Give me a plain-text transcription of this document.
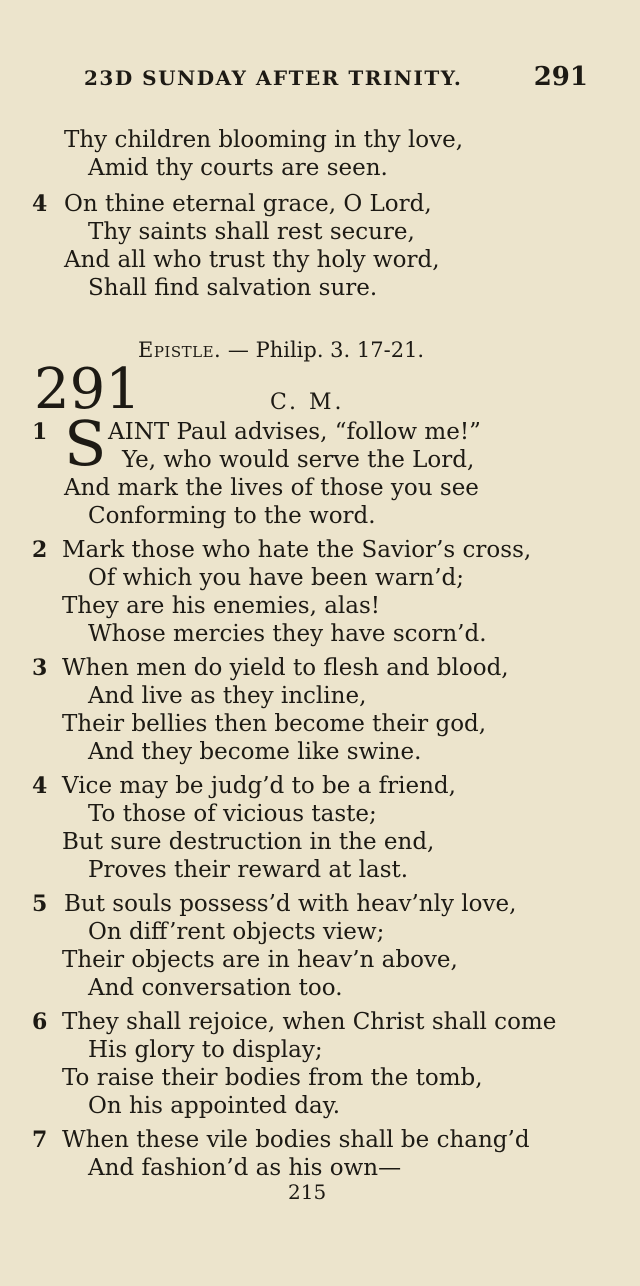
23D SUNDAY AFTER TRINITY.	291
Thy children blooming in thy love,
Amid thy courts are seen.
4 On thine eternal grace, O Lord,
Thy saints shall rest secure,
And all who trust thy holy word,
Shall find salvation sure.
Epistle. — Philip. 3. 17-21.
291	C. M.
1 S AINT Paul advises, “follow me!”
Ye, who would serve the Lord,
And mark the lives of those you see
Conforming to the word.
2 Mark those who hate the Savior’s cross,
Of which you have been warn’d;
They are his enemies, alas!
Whose mercies they have scorn’d.
3 When men do yield to flesh and blood,
And live as they incline,
Their bellies then become their god,
And they become like swine.
4 Vice may be judg’d to be a friend,
To those of vicious taste;
But sure destruction in the end,
Proves their reward at last.
5 But souls possess’d with heav’nly love,
On diff’rent objects view;
Their objects are in heav’n above,
And conversation too.
6 They shall rejoice, when Christ shall come
His glory to display;
To raise their bodies from the tomb,
On his appointed day.
7 When these vile bodies shall be chang’d
And fashion’d as his own—
215
